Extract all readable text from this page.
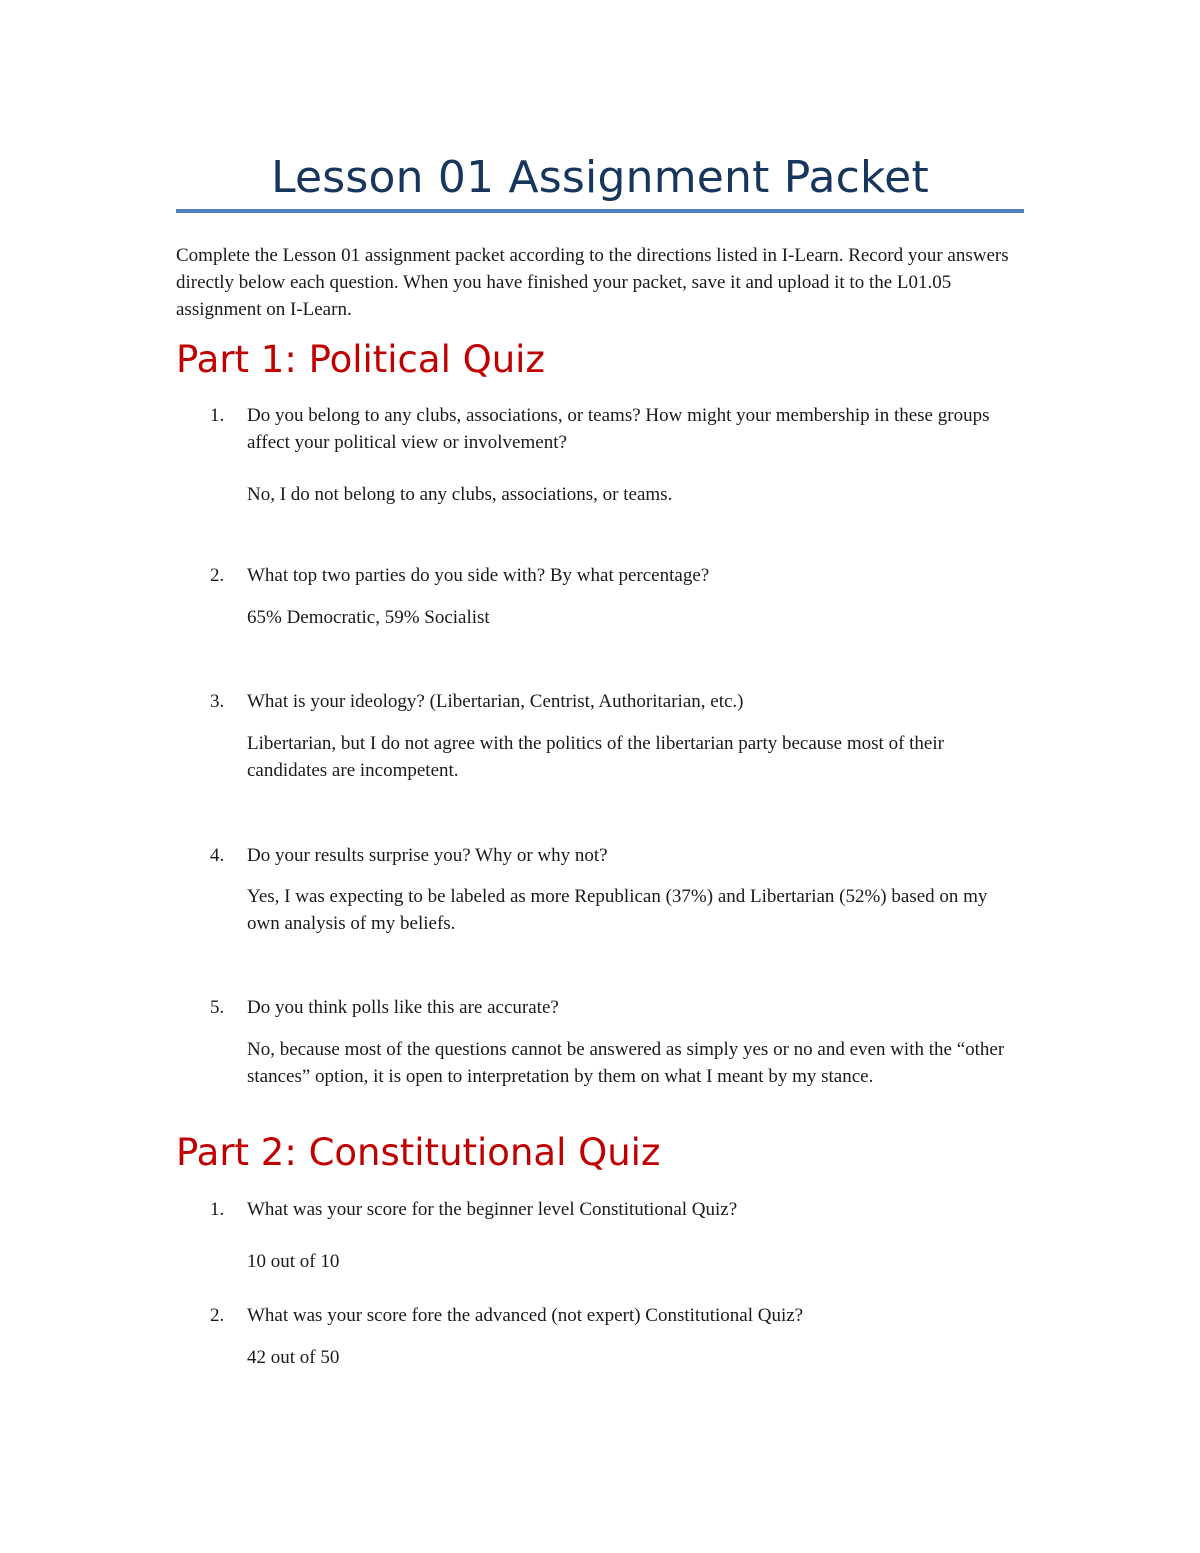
Lesson 01 Assignment Packet

Complete the Lesson 01 assignment packet according to the directions listed in I-Learn. Record your answers directly below each question. When you have finished your packet, save it and upload it to the L01.05 assignment on I-Learn.

Part 1: Political Quiz
1. Do you belong to any clubs, associations, or teams? How might your membership in these groups affect your political view or involvement?

No, I do not belong to any clubs, associations, or teams.

2. What top two parties do you side with? By what percentage?

65% Democratic, 59% Socialist

3. What is your ideology? (Libertarian, Centrist, Authoritarian, etc.)

Libertarian, but I do not agree with the politics of the libertarian party because most of their candidates are incompetent.

4. Do your results surprise you? Why or why not?

Yes, I was expecting to be labeled as more Republican (37%) and Libertarian (52%) based on my own analysis of my beliefs.

5. Do you think polls like this are accurate?

No, because most of the questions cannot be answered as simply yes or no and even with the “other stances” option, it is open to interpretation by them on what I meant by my stance.

Part 2: Constitutional Quiz
1. What was your score for the beginner level Constitutional Quiz?

10 out of 10

2. What was your score fore the advanced (not expert) Constitutional Quiz?

42 out of 50
